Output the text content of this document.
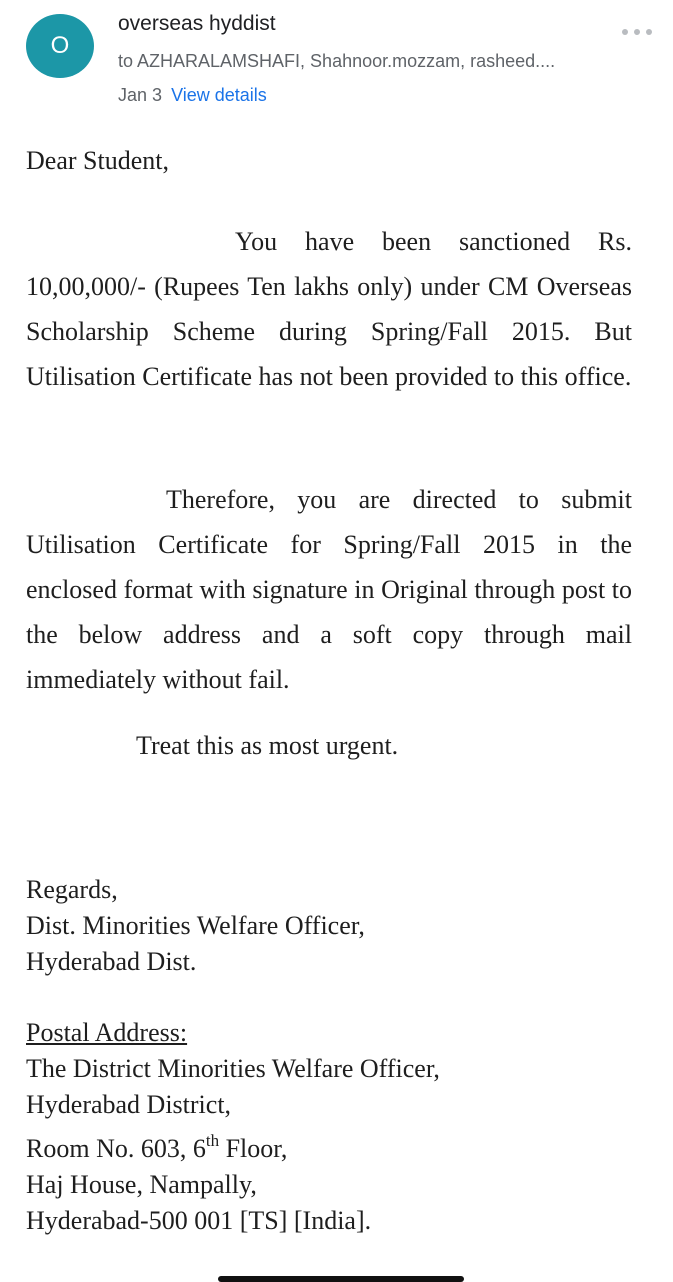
O
overseas hyddist
to AZHARALAMSHAFI, Shahnoor.mozzam, rasheed....
Jan 3 View details
Dear Student,
You have been sanctioned Rs. 10,00,000/- (Rupees Ten lakhs only) under CM Overseas Scholarship Scheme during Spring/Fall 2015. But Utilisation Certificate has not been provided to this office.
Therefore, you are directed to submit Utilisation Certificate for Spring/Fall 2015 in the enclosed format with signature in Original through post to the below address and a soft copy through mail immediately without fail.
Treat this as most urgent.
Regards,
Dist. Minorities Welfare Officer,
Hyderabad Dist.
Postal Address:
The District Minorities Welfare Officer,
Hyderabad District,
Room No. 603, 6th Floor,
Haj House, Nampally,
Hyderabad-500 001 [TS] [India].
